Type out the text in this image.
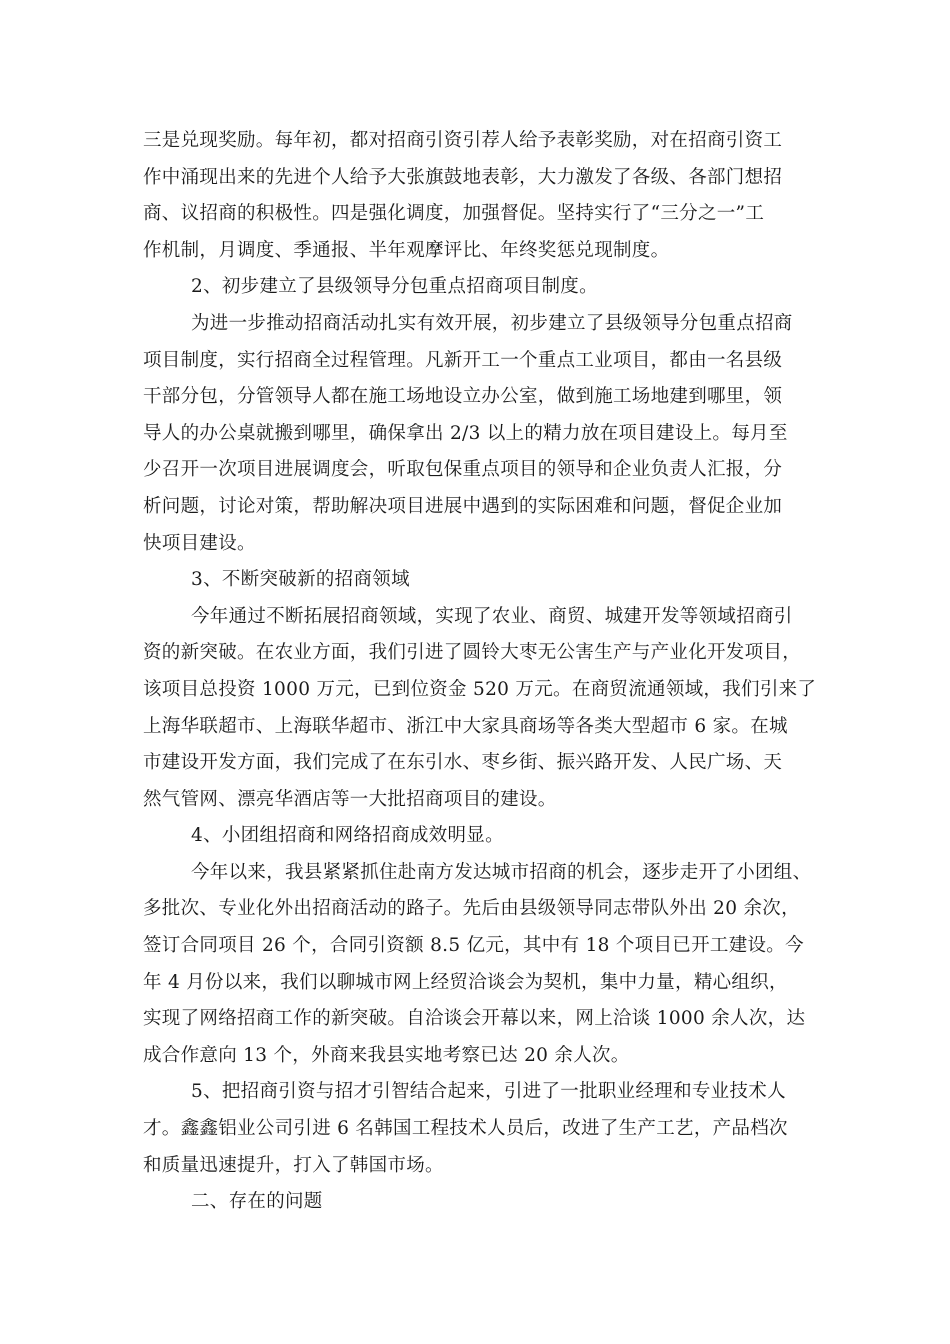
三是兑现奖励。每年初，都对招商引资引荐人给予表彰奖励，对在招商引资工
作中涌现出来的先进个人给予大张旗鼓地表彰，大力激发了各级、各部门想招
商、议招商的积极性。四是强化调度，加强督促。坚持实行了“三分之一”工
作机制，月调度、季通报、半年观摩评比、年终奖惩兑现制度。
2、初步建立了县级领导分包重点招商项目制度。
为进一步推动招商活动扎实有效开展，初步建立了县级领导分包重点招商
项目制度，实行招商全过程管理。凡新开工一个重点工业项目，都由一名县级
干部分包，分管领导人都在施工场地设立办公室，做到施工场地建到哪里，领
导人的办公桌就搬到哪里，确保拿出 2/3 以上的精力放在项目建设上。每月至
少召开一次项目进展调度会，听取包保重点项目的领导和企业负责人汇报，分
析问题，讨论对策，帮助解决项目进展中遇到的实际困难和问题，督促企业加
快项目建设。
3、不断突破新的招商领域
今年通过不断拓展招商领域，实现了农业、商贸、城建开发等领域招商引
资的新突破。在农业方面，我们引进了圆铃大枣无公害生产与产业化开发项目，
该项目总投资 1000 万元，已到位资金 520 万元。在商贸流通领域，我们引来了
上海华联超市、上海联华超市、浙江中大家具商场等各类大型超市 6 家。在城
市建设开发方面，我们完成了在东引水、枣乡街、振兴路开发、人民广场、天
然气管网、漂亮华酒店等一大批招商项目的建设。
4、小团组招商和网络招商成效明显。
今年以来，我县紧紧抓住赴南方发达城市招商的机会，逐步走开了小团组、
多批次、专业化外出招商活动的路子。先后由县级领导同志带队外出 20 余次，
签订合同项目 26 个，合同引资额 8.5 亿元，其中有 18 个项目已开工建设。今
年 4 月份以来，我们以聊城市网上经贸洽谈会为契机，集中力量，精心组织，
实现了网络招商工作的新突破。自洽谈会开幕以来，网上洽谈 1000 余人次，达
成合作意向 13 个，外商来我县实地考察已达 20 余人次。
5、把招商引资与招才引智结合起来，引进了一批职业经理和专业技术人
才。鑫鑫铝业公司引进 6 名韩国工程技术人员后，改进了生产工艺，产品档次
和质量迅速提升，打入了韩国市场。
二、存在的问题
